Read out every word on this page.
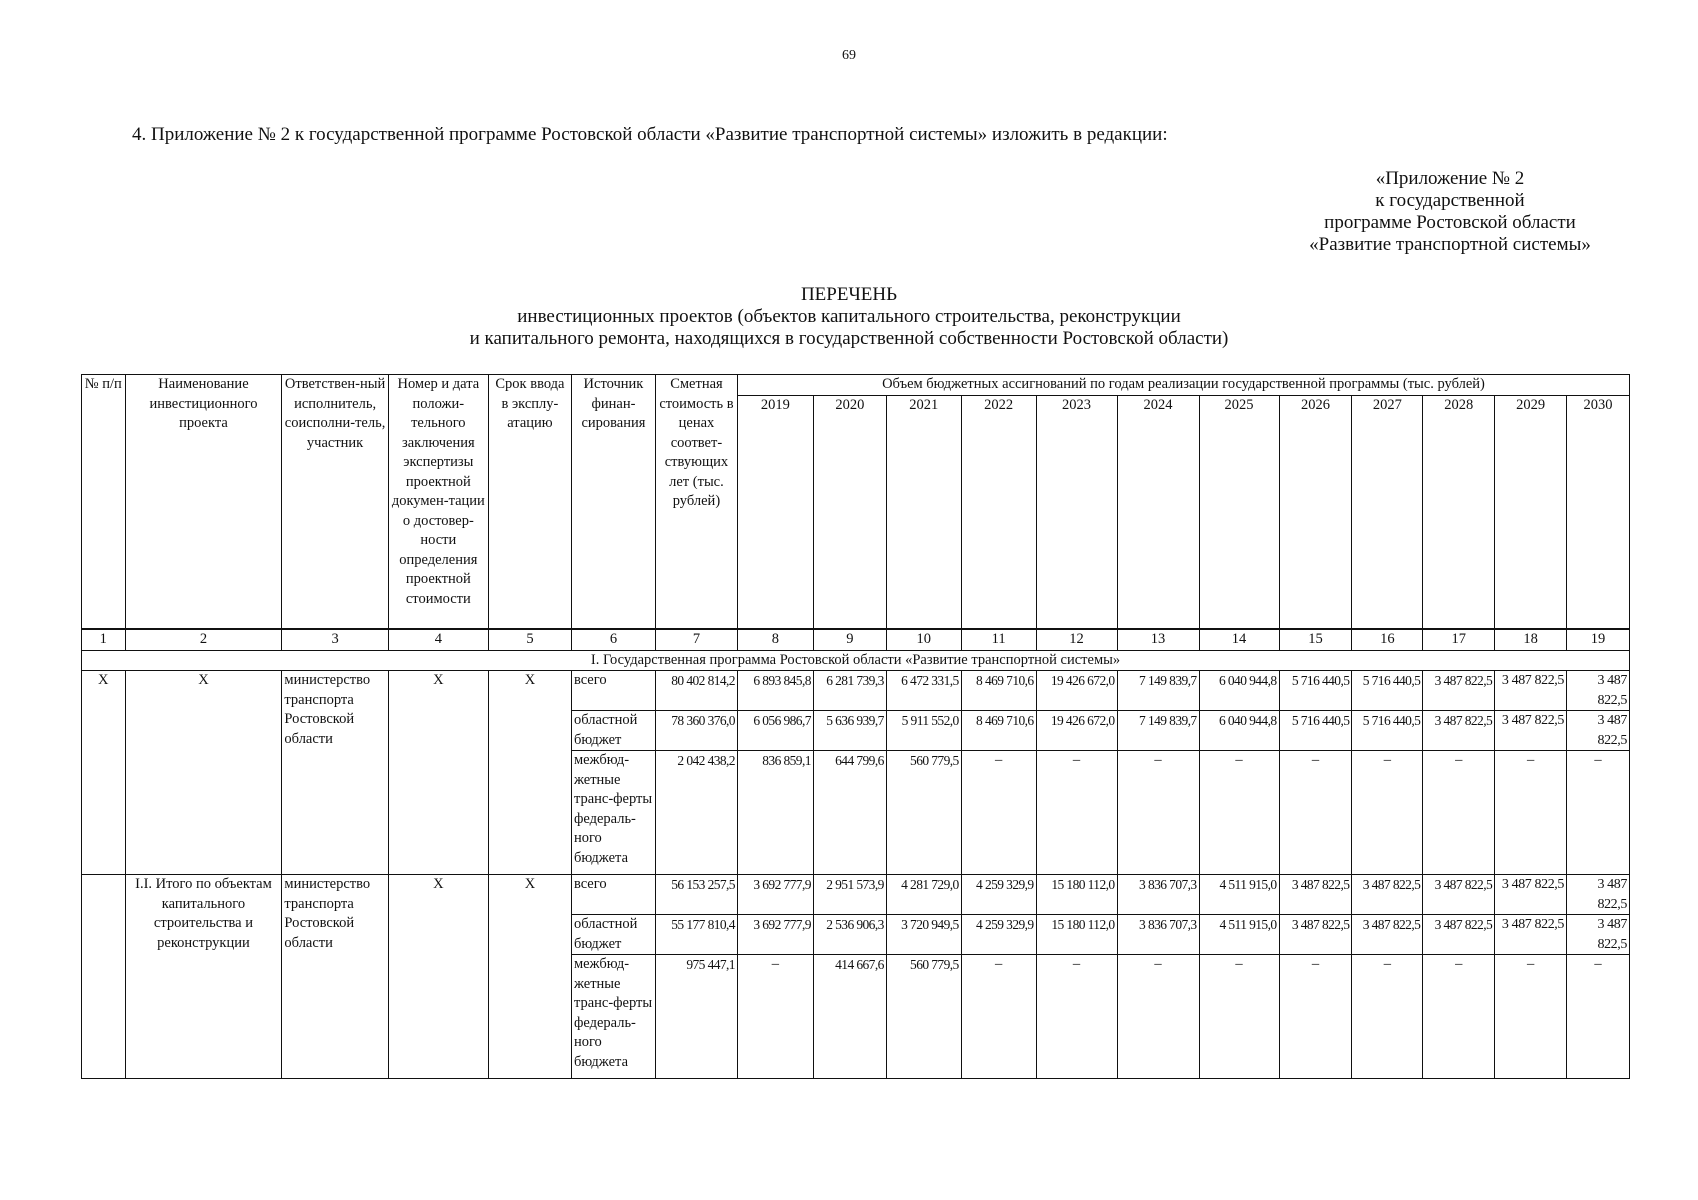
69
4. Приложение № 2 к государственной программе Ростовской области «Развитие транспортной системы» изложить в редакции:
«Приложение № 2
к государственной
программе Ростовской области
«Развитие транспортной системы»
ПЕРЕЧЕНЬ
инвестиционных проектов (объектов капитального строительства, реконструкции
и капитального ремонта, находящихся в государственной собственности Ростовской области)
№ п/п	Наименование инвестиционного проекта	Ответствен-ный исполнитель, соисполни-тель, участник	Номер и дата положи-тельного заключения экспертизы проектной докумен-тации о достовер-ности определения проектной стоимости	Срок ввода в эксплу-атацию	Источник финан-сирования	Сметная стоимость в ценах соответ-ствующих лет (тыс. рублей)	Объем бюджетных ассигнований по годам реализации государственной программы (тыс. рублей)											
							2019	2020	2021	2022	2023	2024	2025	2026	2027	2028	2029	2030
1	2	3	4	5	6	7	8	9	10	11	12	13	14	15	16	17	18	19
I. Государственная программа Ростовской области «Развитие транспортной системы»																		
X	X	министерство транспорта Ростовской области	X	X	всего	80 402 814,2	6 893 845,8	6 281 739,3	6 472 331,5	8 469 710,6	19 426 672,0	7 149 839,7	6 040 944,8	5 716 440,5	5 716 440,5	3 487 822,5	3 487 822,5	3 487 822,5
					областной бюджет	78 360 376,0	6 056 986,7	5 636 939,7	5 911 552,0	8 469 710,6	19 426 672,0	7 149 839,7	6 040 944,8	5 716 440,5	5 716 440,5	3 487 822,5	3 487 822,5	3 487 822,5
					межбюд-жетные транс-ферты федераль-ного бюджета	2 042 438,2	836 859,1	644 799,6	560 779,5	–	–	–	–	–	–	–	–	–
	I.I. Итого по объектам капитального строительства и реконструкции	министерство транспорта Ростовской области	X	X	всего	56 153 257,5	3 692 777,9	2 951 573,9	4 281 729,0	4 259 329,9	15 180 112,0	3 836 707,3	4 511 915,0	3 487 822,5	3 487 822,5	3 487 822,5	3 487 822,5	3 487 822,5
					областной бюджет	55 177 810,4	3 692 777,9	2 536 906,3	3 720 949,5	4 259 329,9	15 180 112,0	3 836 707,3	4 511 915,0	3 487 822,5	3 487 822,5	3 487 822,5	3 487 822,5	3 487 822,5
					межбюд-жетные транс-ферты федераль-ного бюджета	975 447,1	–	414 667,6	560 779,5	–	–	–	–	–	–	–	–	–
